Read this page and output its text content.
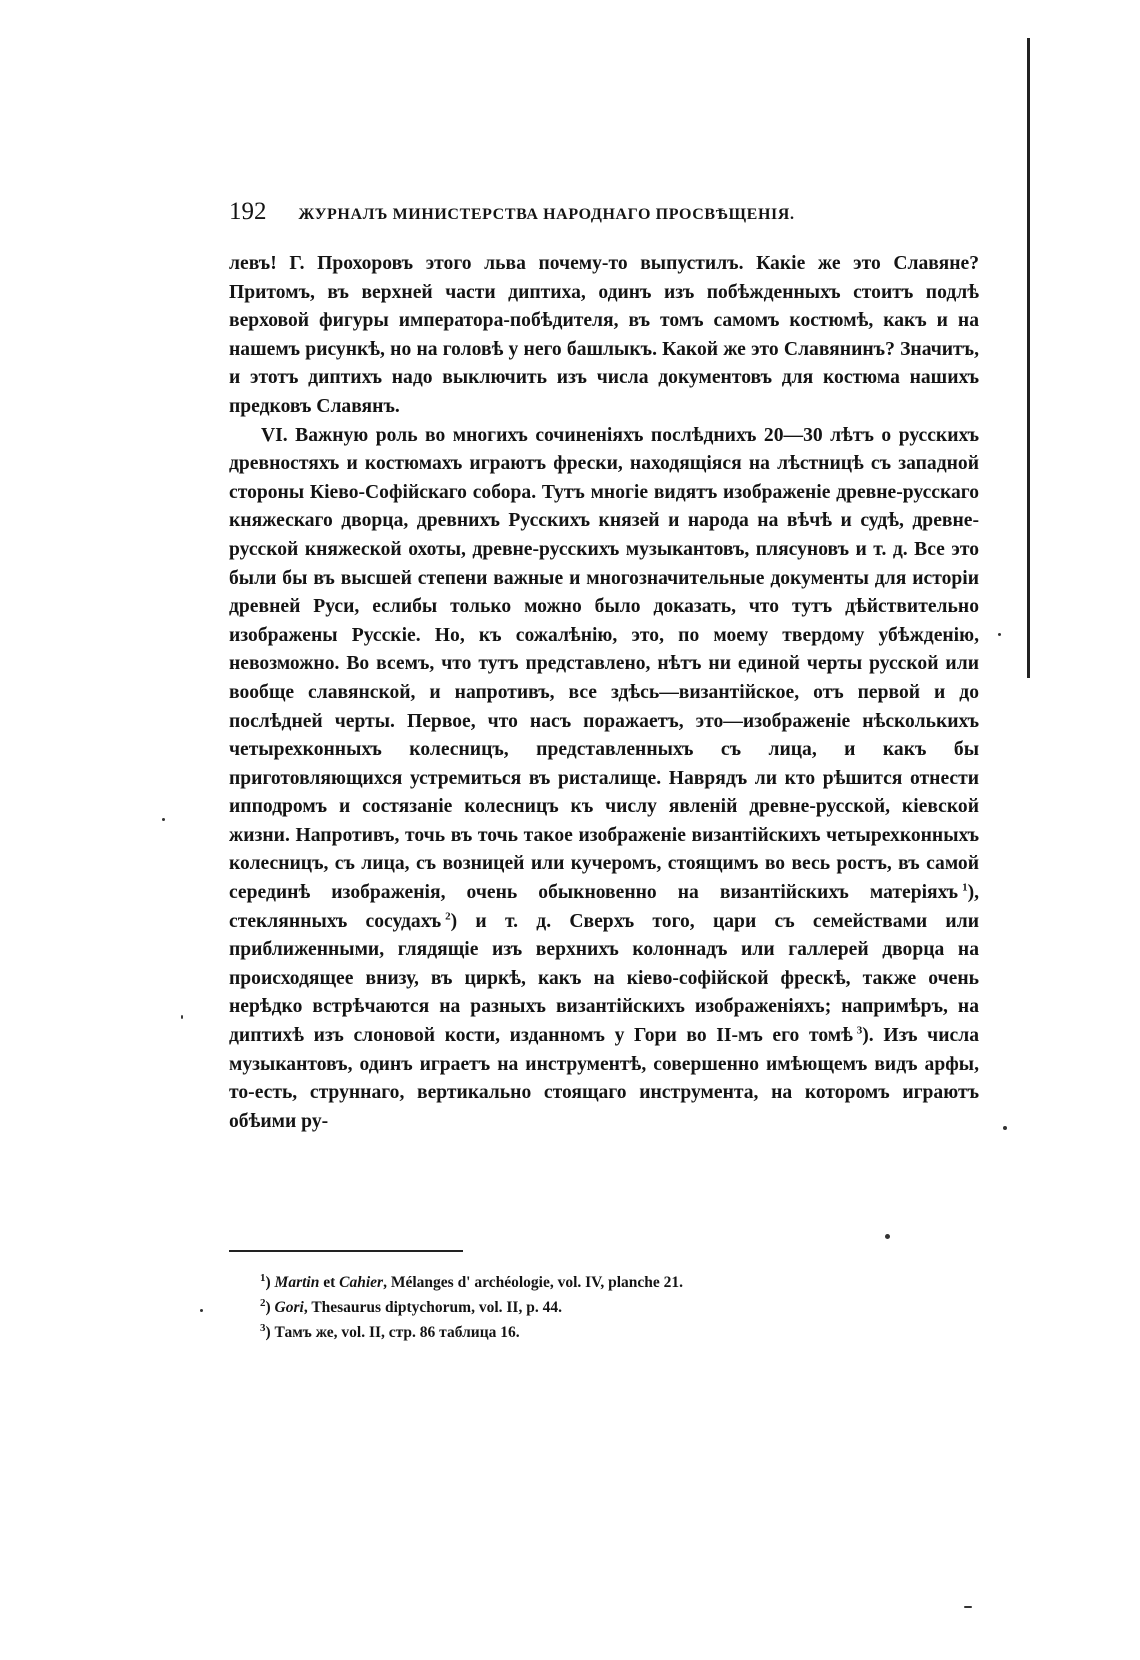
192 ЖУРНАЛЪ МИНИСТЕРСТВА НАРОДНАГО ПРОСВѢЩЕНІЯ.

левъ! Г. Прохоровъ этого льва почему-то выпустилъ. Какіе же это Славяне? Притомъ, въ верхней части диптиха, одинъ изъ побѣжденныхъ стоитъ подлѣ верховой фигуры императора-побѣдителя, въ томъ самомъ костюмѣ, какъ и на нашемъ рисункѣ, но на головѣ у него башлыкъ. Какой же это Славянинъ? Значитъ, и этотъ диптихъ надо выключить изъ числа документовъ для костюма нашихъ предковъ Славянъ.

VI. Важную роль во многихъ сочиненіяхъ послѣднихъ 20—30 лѣтъ о русскихъ древностяхъ и костюмахъ играютъ фрески, находящіяся на лѣстницѣ съ западной стороны Кіево-Софійскаго собора. Тутъ многіе видятъ изображеніе древне-русскаго княжескаго дворца, древнихъ Русскихъ князей и народа на вѣчѣ и судѣ, древне-русской княжеской охоты, древне-русскихъ музыкантовъ, плясуновъ и т. д. Все это были бы въ высшей степени важные и многозначительные документы для исторіи древней Руси, еслибы только можно было доказать, что тутъ дѣйствительно изображены Русскіе. Но, къ сожалѣнію, это, по моему твердому убѣжденію, невозможно. Во всемъ, что тутъ представлено, нѣтъ ни единой черты русской или вообще славянской, и напротивъ, все здѣсь—византійское, отъ первой и до послѣдней черты. Первое, что насъ поражаетъ, это—изображеніе нѣсколькихъ четырехконныхъ колесницъ, представленныхъ съ лица, и какъ бы приготовляющихся устремиться въ ристалище. Наврядъ ли кто рѣшится отнести ипподромъ и состязаніе колесницъ къ числу явленій древне-русской, кіевской жизни. Напротивъ, точь въ точь такое изображеніе византійскихъ четырехконныхъ колесницъ, съ лица, съ возницей или кучеромъ, стоящимъ во весь ростъ, въ самой серединѣ изображенія, очень обыкновенно на византійскихъ матеріяхъ  $^1$), стеклянныхъ сосудахъ  $^2$) и т. д. Сверхъ того, цари съ семействами или приближенными, глядящіе изъ верхнихъ колоннадъ или галлерей дворца на происходящее внизу, въ циркѣ, какъ на кіево-софійской фрескѣ, также очень нерѣдко встрѣчаются на разныхъ византійскихъ изображеніяхъ; напримѣръ, на диптихѣ изъ слоновой кости, изданномъ у Гори во II-мъ его томѣ  $^3$). Изъ числа музыкантовъ, одинъ играетъ на инструментѣ, совершенно имѣющемъ видъ арфы, то-есть, струннаго, вертикально стоящаго инструмента, на которомъ играютъ обѣими ру-

$^1$) Martin et Cahier, Mélanges d' archéologie, vol. IV, planche 21.

$^2$) Gori, Thesaurus diptychorum, vol. II, p. 44.

$^3$) Тамъ же, vol. II, стр. 86 таблица 16.
